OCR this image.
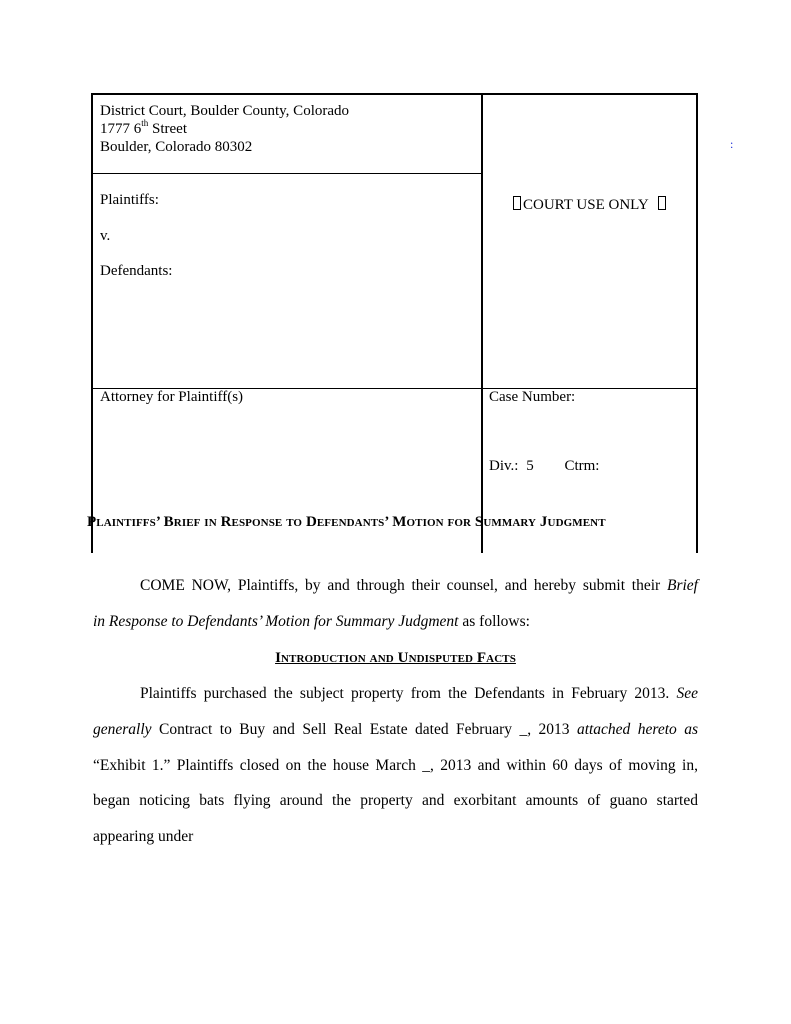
District Court, Boulder County, Colorado
1777 6th Street
Boulder, Colorado 80302
Plaintiffs:
v.
Defendants:
COURT USE ONLY
Attorney for Plaintiff(s)	Case Number:
Div.: 5 Ctrm:
:
Plaintiffs’ Brief in Response to Defendants’ Motion for Summary Judgment
COME NOW, Plaintiffs, by and through their counsel, and hereby submit their Brief
in Response to Defendants’ Motion for Summary Judgment as follows:
Introduction and Undisputed Facts
Plaintiffs purchased the subject property from the Defendants in February 2013. See
generally Contract to Buy and Sell Real Estate dated February _, 2013 attached hereto as
“Exhibit 1.” Plaintiffs closed on the house March _, 2013 and within 60 days of moving in,
began noticing bats flying around the property and exorbitant amounts of guano started
appearing under
